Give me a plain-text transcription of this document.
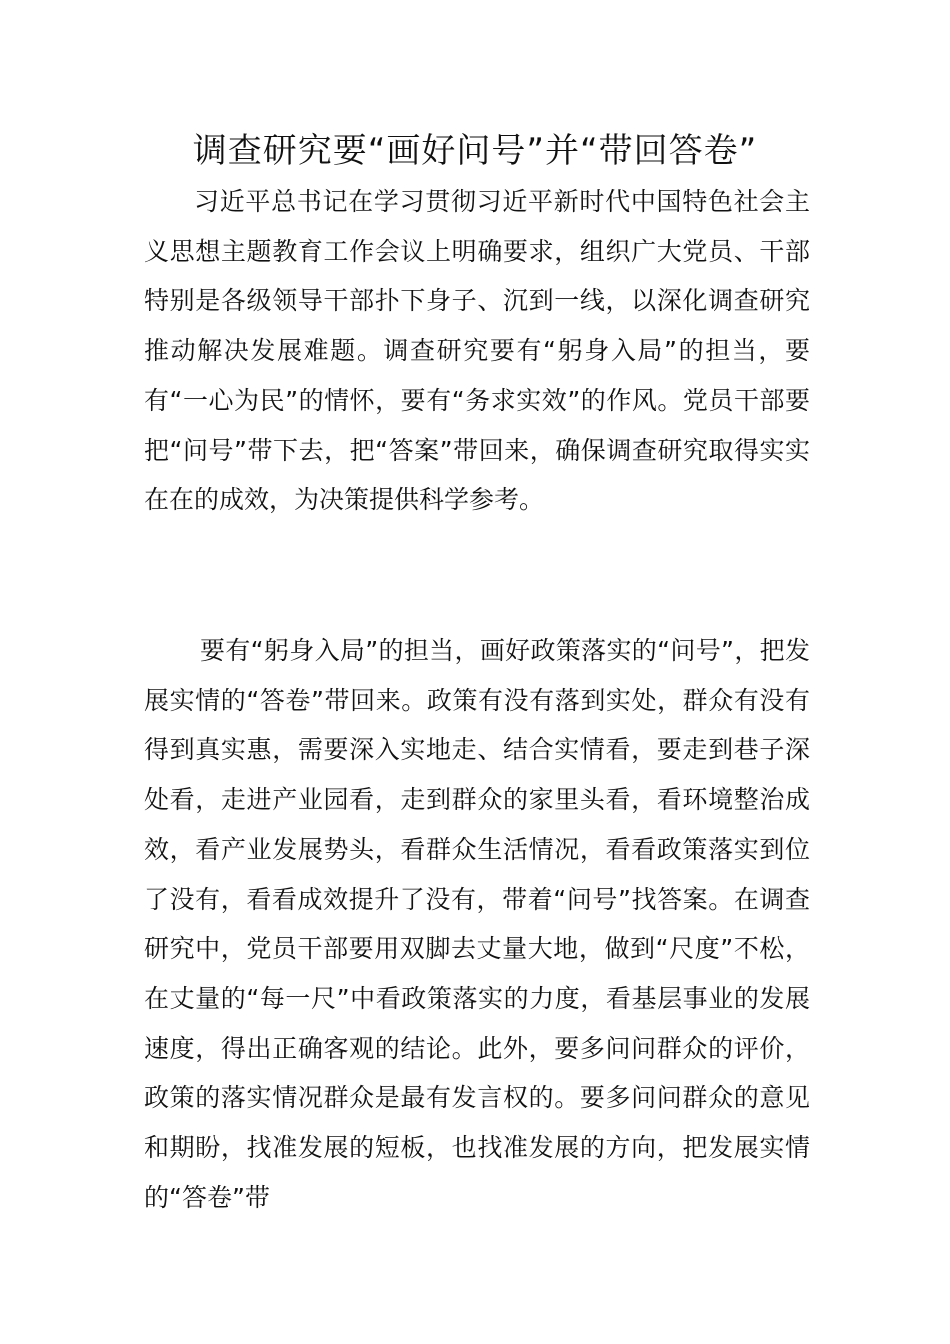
调查研究要“画好问号”并“带回答卷”

习近平总书记在学习贯彻习近平新时代中国特色社会主义思想主题教育工作会议上明确要求，组织广大党员、干部特别是各级领导干部扑下身子、沉到一线，以深化调查研究推动解决发展难题。调查研究要有“躬身入局”的担当，要有“一心为民”的情怀，要有“务求实效”的作风。党员干部要把“问号”带下去，把“答案”带回来，确保调查研究取得实实在在的成效，为决策提供科学参考。

要有“躬身入局”的担当，画好政策落实的“问号”，把发展实情的“答卷”带回来。政策有没有落到实处，群众有没有得到真实惠，需要深入实地走、结合实情看，要走到巷子深处看，走进产业园看，走到群众的家里头看，看环境整治成效，看产业发展势头，看群众生活情况，看看政策落实到位了没有，看看成效提升了没有，带着“问号”找答案。在调查研究中，党员干部要用双脚去丈量大地，做到“尺度”不松，在丈量的“每一尺”中看政策落实的力度，看基层事业的发展速度，得出正确客观的结论。此外，要多问问群众的评价，政策的落实情况群众是最有发言权的。要多问问群众的意见和期盼，找准发展的短板，也找准发展的方向，把发展实情的“答卷”带
